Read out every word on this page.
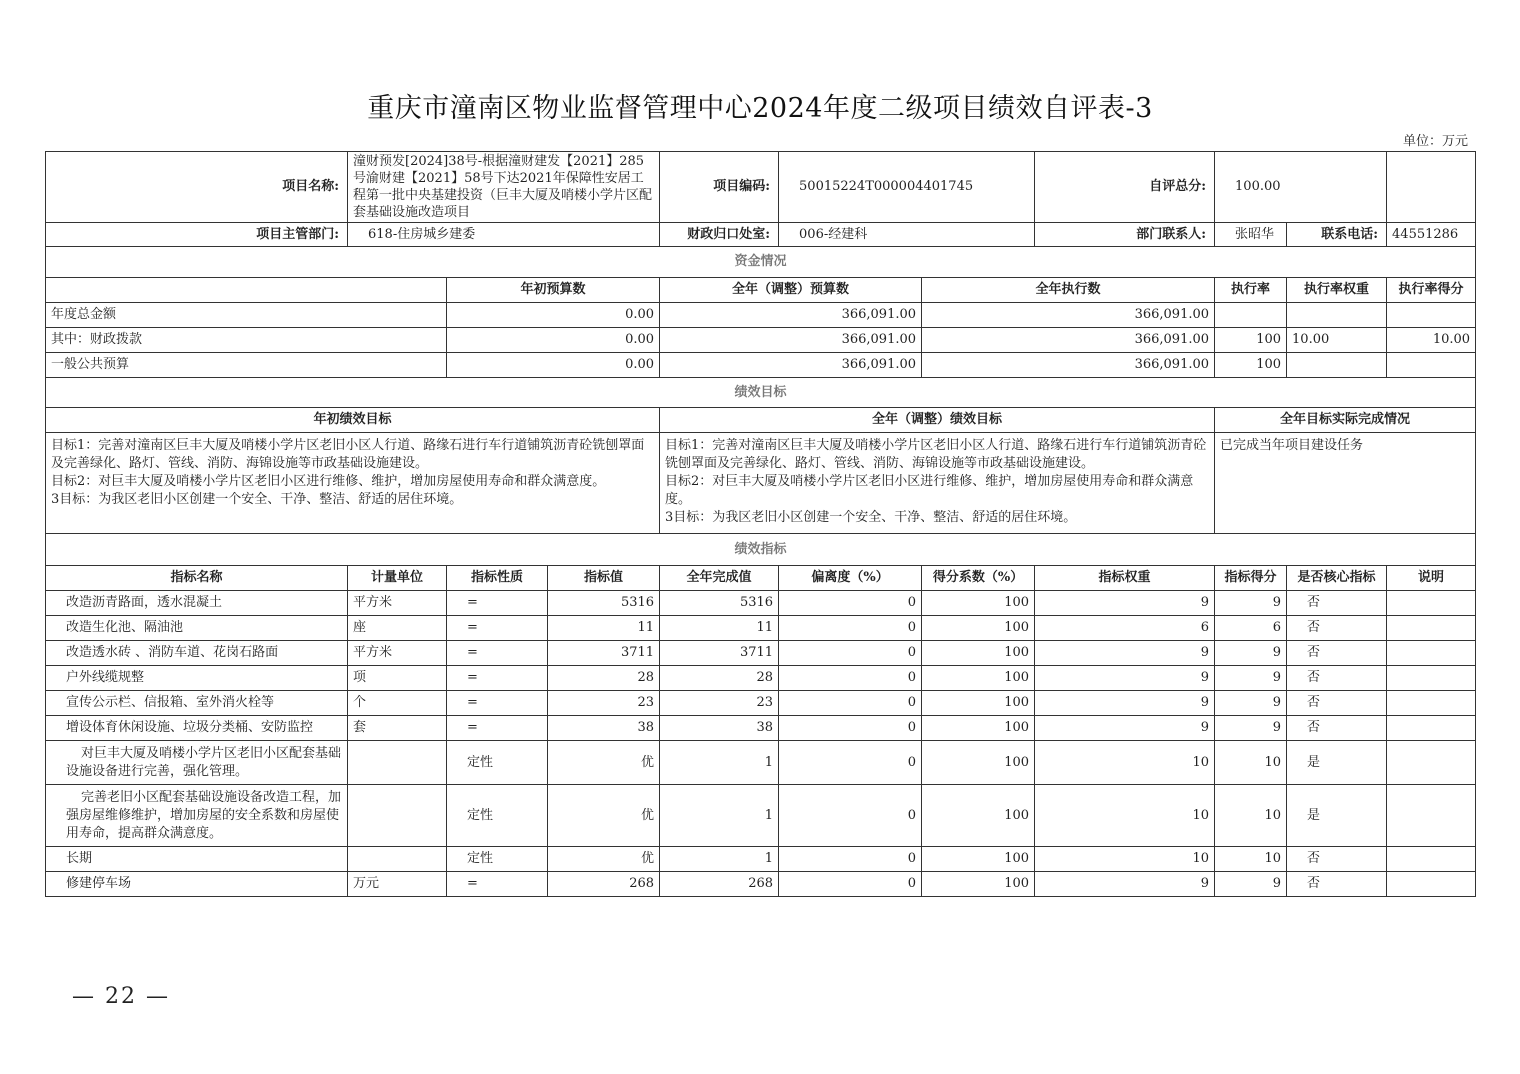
重庆市潼南区物业监督管理中心2024年度二级项目绩效自评表-3
单位：万元
项目名称:	潼财预发[2024]38号-根据潼财建发【2021】285号渝财建【2021】58号下达2021年保障性安居工程第一批中央基建投资（巨丰大厦及哨楼小学片区配套基础设施改造项目			项目编码:	50015224T000004401745		自评总分:	100.00		
项目主管部门:	618-住房城乡建委			财政归口处室:	006-经建科		部门联系人:	张昭华	联系电话:	44551286
资金情况										
		年初预算数		全年（调整）预算数		全年执行数		执行率	执行率权重	执行率得分
年度总金额		0.00		366,091.00		366,091.00				
其中：财政拨款		0.00		366,091.00		366,091.00		100	10.00	10.00
一般公共预算		0.00		366,091.00		366,091.00		100		
绩效目标										
年初绩效目标				全年（调整）绩效目标				全年目标实际完成情况		
目标1：完善对潼南区巨丰大厦及哨楼小学片区老旧小区人行道、路缘石进行车行道铺筑沥青砼铣刨罩面及完善绿化、路灯、管线、消防、海锦设施等市政基础设施建设。
目标2：对巨丰大厦及哨楼小学片区老旧小区进行维修、维护，增加房屋使用寿命和群众满意度。
3目标：为我区老旧小区创建一个安全、干净、整洁、舒适的居住环境。				目标1：完善对潼南区巨丰大厦及哨楼小学片区老旧小区人行道、路缘石进行车行道铺筑沥青砼铣刨罩面及完善绿化、路灯、管线、消防、海锦设施等市政基础设施建设。
目标2：对巨丰大厦及哨楼小学片区老旧小区进行维修、维护，增加房屋使用寿命和群众满意度。
3目标：为我区老旧小区创建一个安全、干净、整洁、舒适的居住环境。				已完成当年项目建设任务		
绩效指标										
指标名称	计量单位	指标性质	指标值	全年完成值	偏离度（%）	得分系数（%）	指标权重	指标得分	是否核心指标	说明
改造沥青路面，透水混凝土	平方米	=	5316	5316	0	100	9	9	否	
改造生化池、隔油池	座	=	11	11	0	100	6	6	否	
改造透水砖 、消防车道、花岗石路面	平方米	=	3711	3711	0	100	9	9	否	
户外线缆规整	项	=	28	28	0	100	9	9	否	
宣传公示栏、信报箱、室外消火栓等	个	=	23	23	0	100	9	9	否	
增设体育休闲设施、垃圾分类桶、安防监控	套	=	38	38	0	100	9	9	否	
对巨丰大厦及哨楼小学片区老旧小区配套基础设施设备进行完善，强化管理。		定性	优	1	0	100	10	10	是	
完善老旧小区配套基础设施设备改造工程，加强房屋维修维护，增加房屋的安全系数和房屋使用寿命，提高群众满意度。		定性	优	1	0	100	10	10	是	
长期		定性	优	1	0	100	10	10	否	
修建停车场	万元	=	268	268	0	100	9	9	否	
— 22 —
